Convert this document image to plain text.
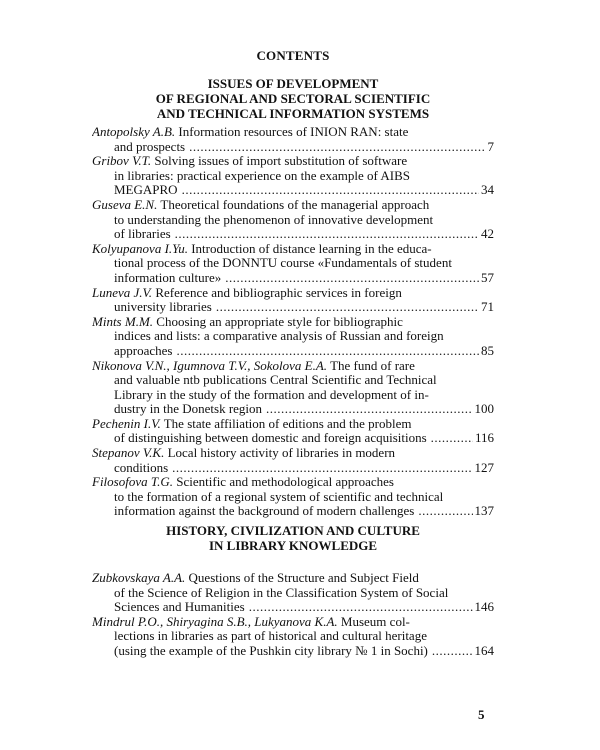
CONTENTS
ISSUES OF DEVELOPMENT
OF REGIONAL AND SECTORAL SCIENTIFIC
AND TECHNICAL INFORMATION SYSTEMS
Antopolsky A.B. Information resources of INION RAN: state
and prospects .....	7
Gribov V.T. Solving issues of import substitution of software
in libraries: practical experience on the example of AIBS
MEGAPRO .....	34
Guseva E.N. Theoretical foundations of the managerial approach
to understanding the phenomenon of innovative development
of libraries .....	42
Kolyupanova I.Yu. Introduction of distance learning in the educa-
tional process of the DONNTU course «Fundamentals of student
information culture» .....	57
Luneva J.V. Reference and bibliographic services in foreign
university libraries .....	71
Mints M.M. Choosing an appropriate style for bibliographic
indices and lists: a comparative analysis of Russian and foreign
approaches .....	85
Nikonova V.N., Igumnova T.V., Sokolova E.A. The fund of rare
and valuable ntb publications Central Scientific and Technical
Library in the study of the formation and development of in-
dustry in the Donetsk region .....	100
Pechenin I.V. The state affiliation of editions and the problem
of distinguishing between domestic and foreign acquisitions .....	116
Stepanov V.K. Local history activity of libraries in modern
conditions .....	127
Filosofova T.G. Scientific and methodological approaches
to the formation of a regional system of scientific and technical
information against the background of modern challenges .....	137
HISTORY, CIVILIZATION AND CULTURE
IN LIBRARY KNOWLEDGE
Zubkovskaya A.A. Questions of the Structure and Subject Field
of the Science of Religion in the Classification System of Social
Sciences and Humanities .....	146
Mindrul P.O., Shiryagina S.B., Lukyanova K.A. Museum col-
lections in libraries as part of historical and cultural heritage
(using the example of the Pushkin city library № 1 in Sochi) .....	164
5
